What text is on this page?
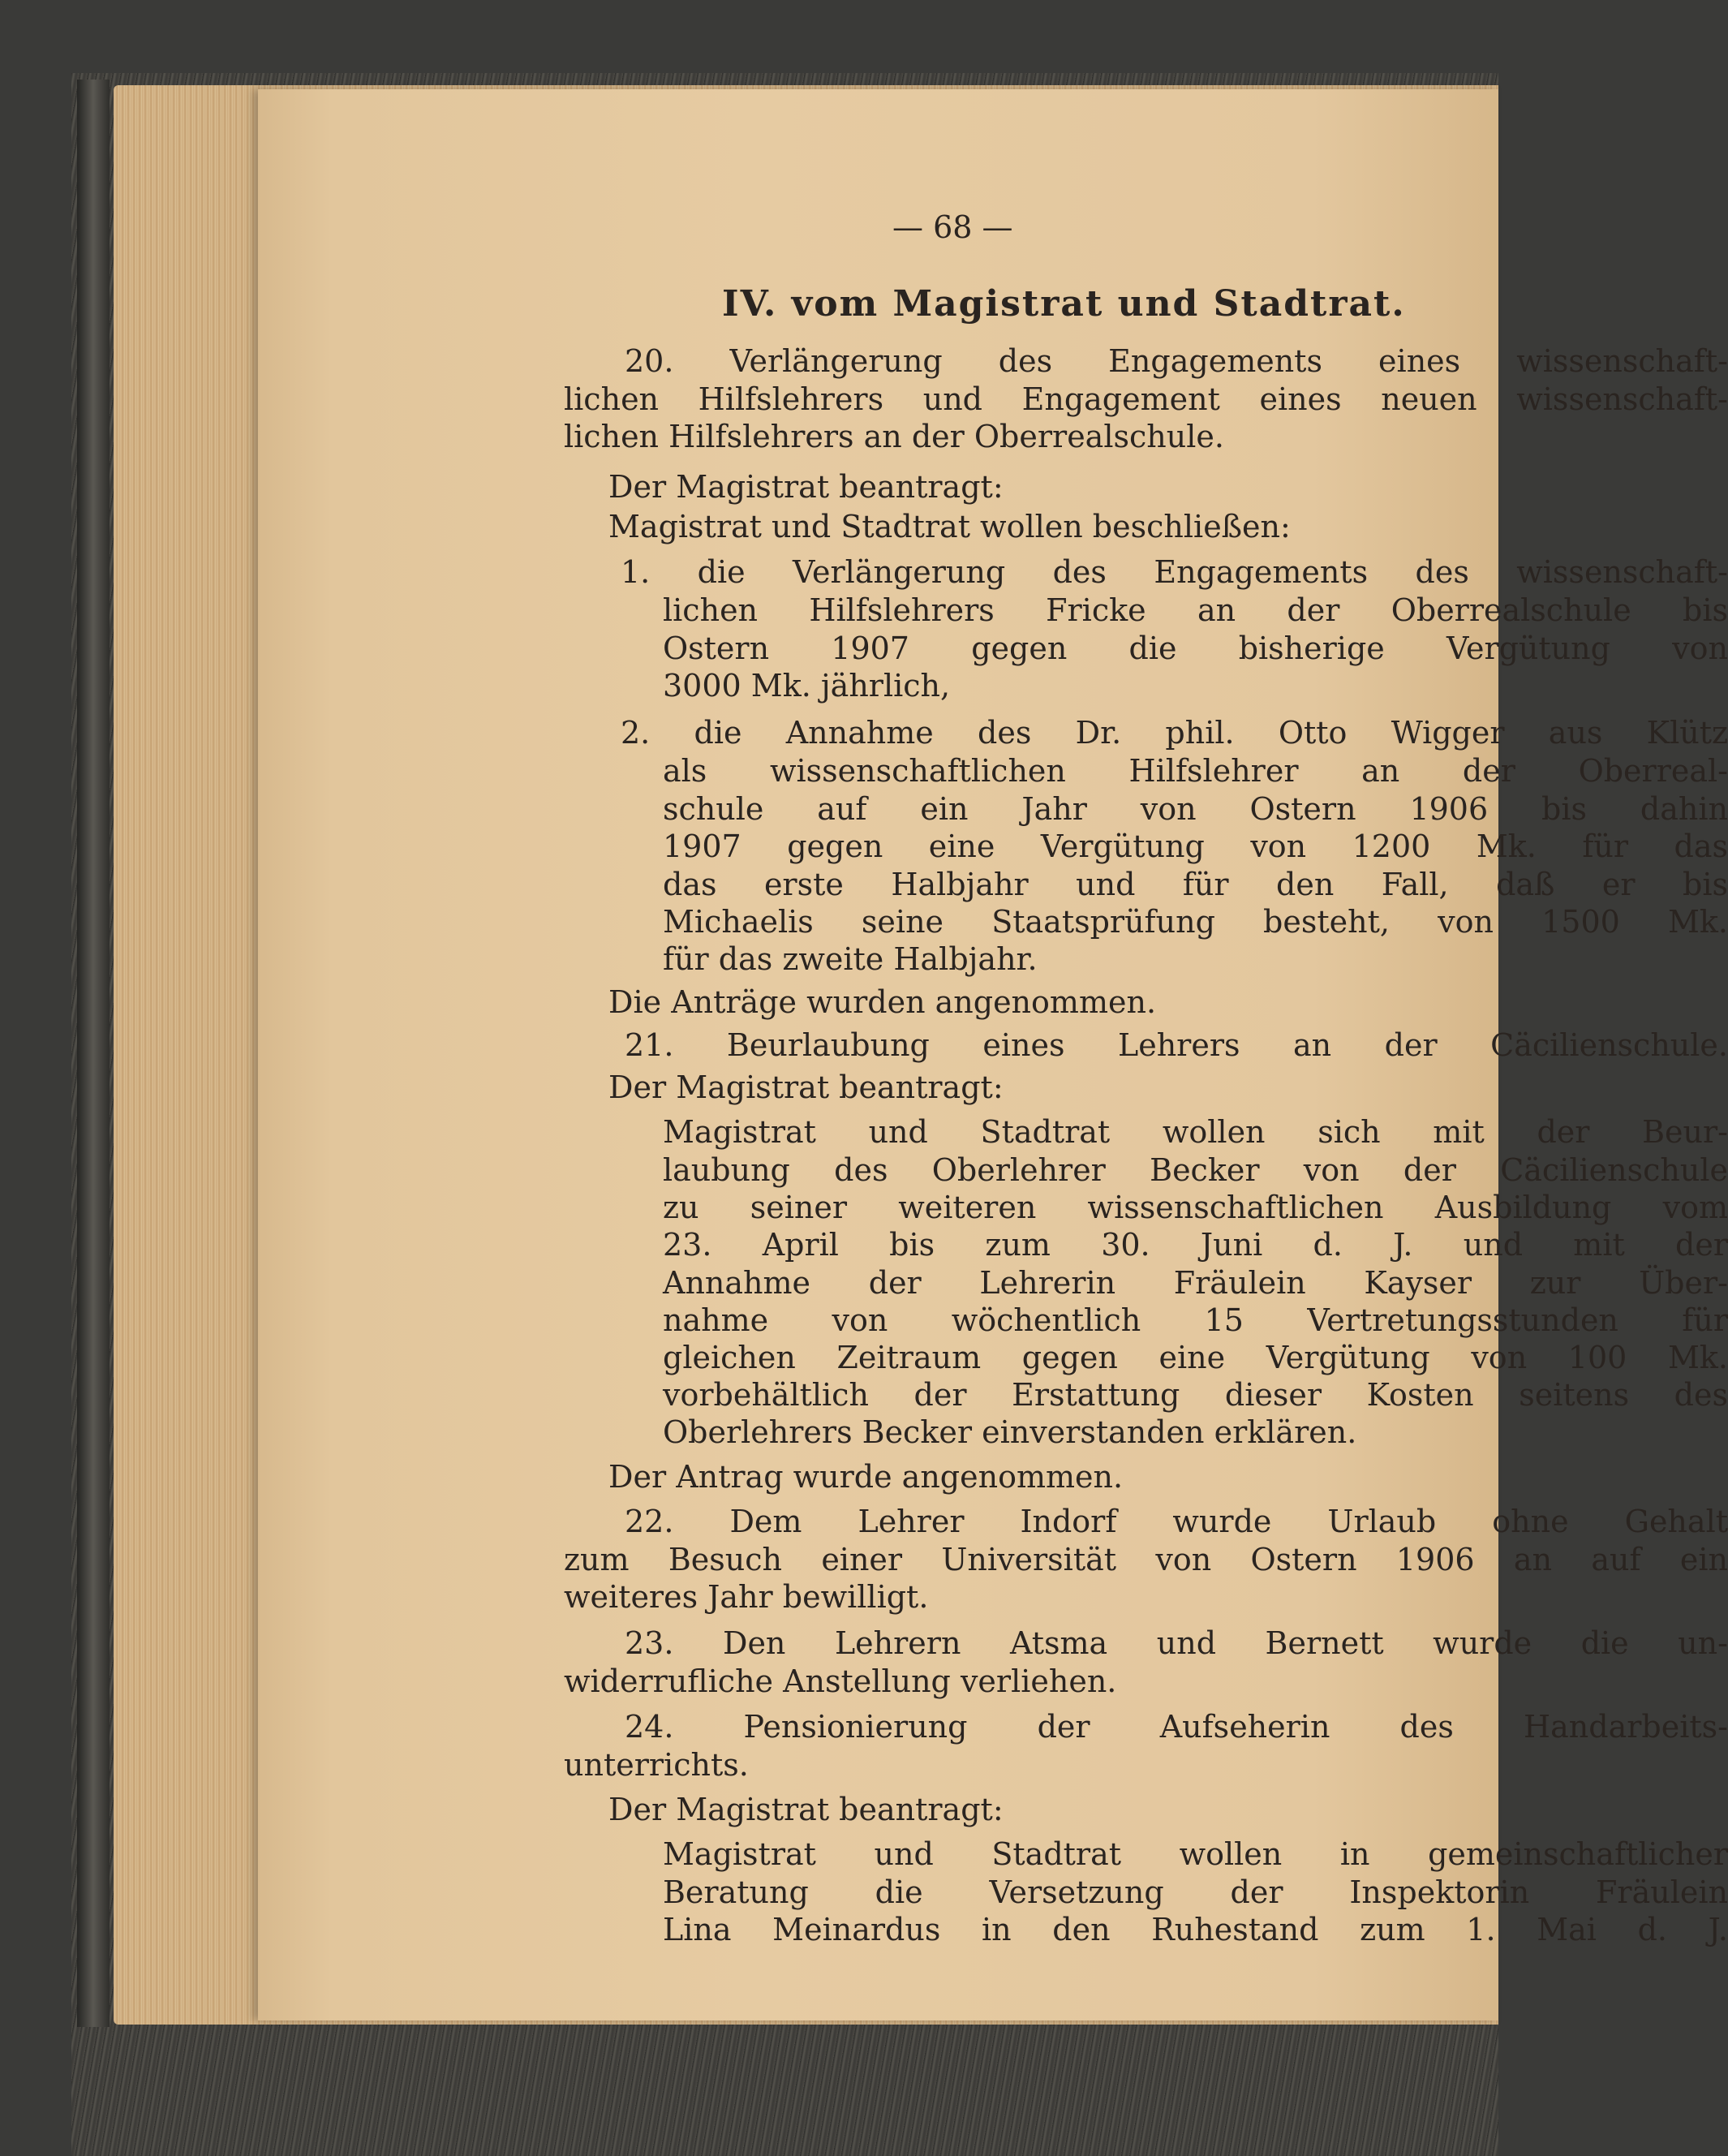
— 68 —
IV. vom Magistrat und Stadtrat.
20. Verlängerung des Engagements eines wissenschaft-
lichen Hilfslehrers und Engagement eines neuen wissenschaft-
lichen Hilfslehrers an der Oberrealschule.
Der Magistrat beantragt:
Magistrat und Stadtrat wollen beschließen:
1. die Verlängerung des Engagements des wissenschaft-
lichen Hilfslehrers Fricke an der Oberrealschule bis
Ostern 1907 gegen die bisherige Vergütung von
3000 Mk. jährlich,
2. die Annahme des Dr. phil. Otto Wigger aus Klütz
als wissenschaftlichen Hilfslehrer an der Oberreal-
schule auf ein Jahr von Ostern 1906 bis dahin
1907 gegen eine Vergütung von 1200 Mk. für das
das erste Halbjahr und für den Fall, daß er bis
Michaelis seine Staatsprüfung besteht, von 1500 Mk.
für das zweite Halbjahr.
Die Anträge wurden angenommen.
21. Beurlaubung eines Lehrers an der Cäcilienschule.
Der Magistrat beantragt:
Magistrat und Stadtrat wollen sich mit der Beur-
laubung des Oberlehrer Becker von der Cäcilienschule
zu seiner weiteren wissenschaftlichen Ausbildung vom
23. April bis zum 30. Juni d. J. und mit der
Annahme der Lehrerin Fräulein Kayser zur Über-
nahme von wöchentlich 15 Vertretungsstunden für
gleichen Zeitraum gegen eine Vergütung von 100 Mk.
vorbehältlich der Erstattung dieser Kosten seitens des
Oberlehrers Becker einverstanden erklären.
Der Antrag wurde angenommen.
22. Dem Lehrer Indorf wurde Urlaub ohne Gehalt
zum Besuch einer Universität von Ostern 1906 an auf ein
weiteres Jahr bewilligt.
23. Den Lehrern Atsma und Bernett wurde die un-
widerrufliche Anstellung verliehen.
24. Pensionierung der Aufseherin des Handarbeits-
unterrichts.
Der Magistrat beantragt:
Magistrat und Stadtrat wollen in gemeinschaftlicher
Beratung die Versetzung der Inspektorin Fräulein
Lina Meinardus in den Ruhestand zum 1. Mai d. J.
